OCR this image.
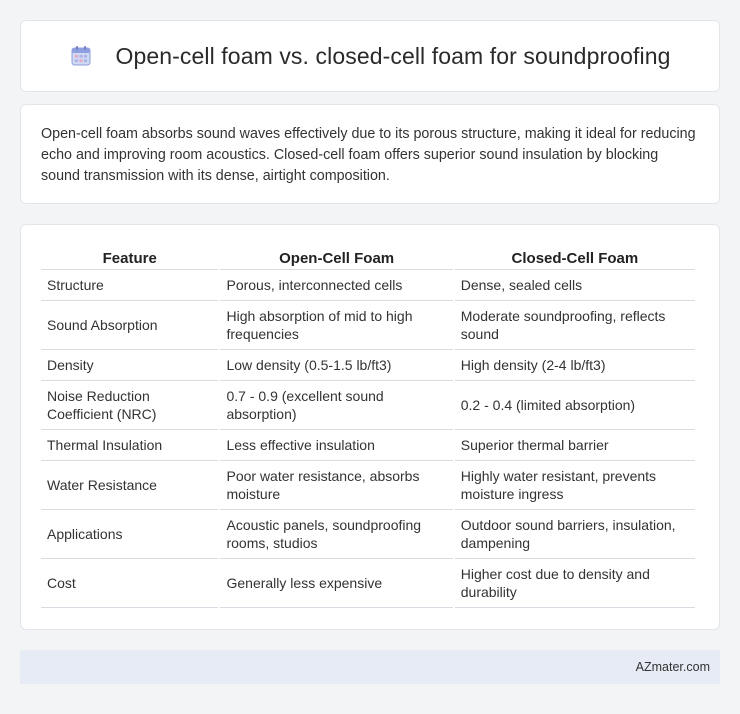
Open-cell foam vs. closed-cell foam for soundproofing

Open-cell foam absorbs sound waves effectively due to its porous structure, making it ideal for reducing echo and improving room acoustics. Closed-cell foam offers superior sound insulation by blocking sound transmission with its dense, airtight composition.

Feature	Open-Cell Foam	Closed-Cell Foam
Structure	Porous, interconnected cells	Dense, sealed cells
Sound Absorption	High absorption of mid to high frequencies	Moderate soundproofing, reflects sound
Density	Low density (0.5-1.5 lb/ft3)	High density (2-4 lb/ft3)
Noise Reduction Coefficient (NRC)	0.7 - 0.9 (excellent sound absorption)	0.2 - 0.4 (limited absorption)
Thermal Insulation	Less effective insulation	Superior thermal barrier
Water Resistance	Poor water resistance, absorbs moisture	Highly water resistant, prevents moisture ingress
Applications	Acoustic panels, soundproofing rooms, studios	Outdoor sound barriers, insulation, dampening
Cost	Generally less expensive	Higher cost due to density and durability
AZmater.com
